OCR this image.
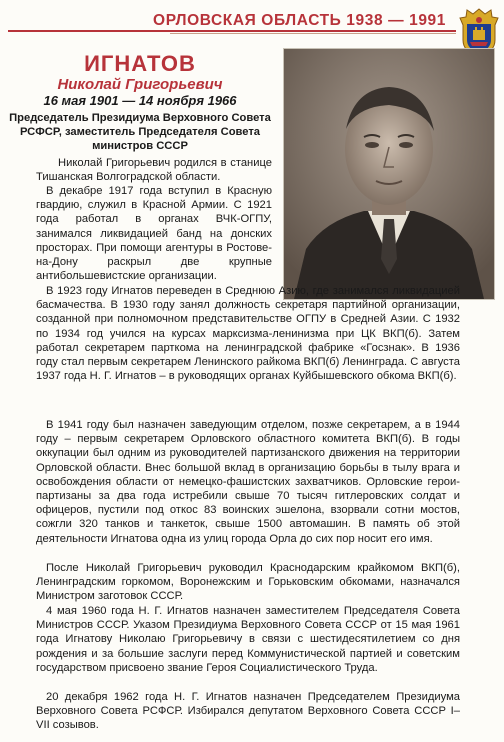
ОРЛОВСКАЯ ОБЛАСТЬ 1938 — 1991
ИГНАТОВ
Николай Григорьевич
16 мая 1901 — 14 ноября 1966
Председатель Президиума Верховного Совета РСФСР, заместитель Председателя Совета министров СССР

Николай Григорьевич родился в станице Тишанская Волгоградской области.

В декабре 1917 года вступил в Красную гвардию, служил в Красной Армии. С 1921 года работал в органах ВЧК-ОГПУ, занимался ликвидацией банд на донских просторах. При помощи агентуры в Ростове-на-Дону раскрыл две крупные антибольшевистские организации.

В 1923 году Игнатов переведен в Среднюю Азию, где занимался ликвидацией басмачества. В 1930 году занял должность секретаря партийной организации, созданной при полномочном представительстве ОГПУ в Средней Азии. С 1932 по 1934 год учился на курсах марксизма-ленинизма при ЦК ВКП(б). Затем работал секретарем парткома на ленинградской фабрике «Госзнак». В 1936 году стал первым секретарем Ленинского райкома ВКП(б) Ленинграда. С августа 1937 года Н. Г. Игнатов – в руководящих органах Куйбышевского обкома ВКП(б).

В 1941 году был назначен заведующим отделом, позже секретарем, а в 1944 году – первым секретарем Орловского областного комитета ВКП(б). В годы оккупации был одним из руководителей партизанского движения на территории Орловской области. Внес большой вклад в организацию борьбы в тылу врага и освобождения области от немецко-фашистских захватчиков. Орловские герои-партизаны за два года истребили свыше 70 тысяч гитлеровских солдат и офицеров, пустили под откос 83 воинских эшелона, взорвали сотни мостов, сожгли 320 танков и танкеток, свыше 1500 автомашин. В память об этой деятельности Игнатова одна из улиц города Орла до сих пор носит его имя.

После Николай Григорьевич руководил Краснодарским крайкомом ВКП(б), Ленинградским горкомом, Воронежским и Горьковским обкомами, назначался Министром заготовок СССР.

4 мая 1960 года Н. Г. Игнатов назначен заместителем Председателя Совета Министров СССР. Указом Президиума Верховного Совета СССР от 15 мая 1961 года Игнатову Николаю Григорьевичу в связи с шестидесятилетием со дня рождения и за большие заслуги перед Коммунистической партией и советским государством присвоено звание Героя Социалистического Труда.

20 декабря 1962 года Н. Г. Игнатов назначен Председателем Президиума Верховного Совета РСФСР. Избирался депутатом Верховного Совета СССР I–VII созывов.
